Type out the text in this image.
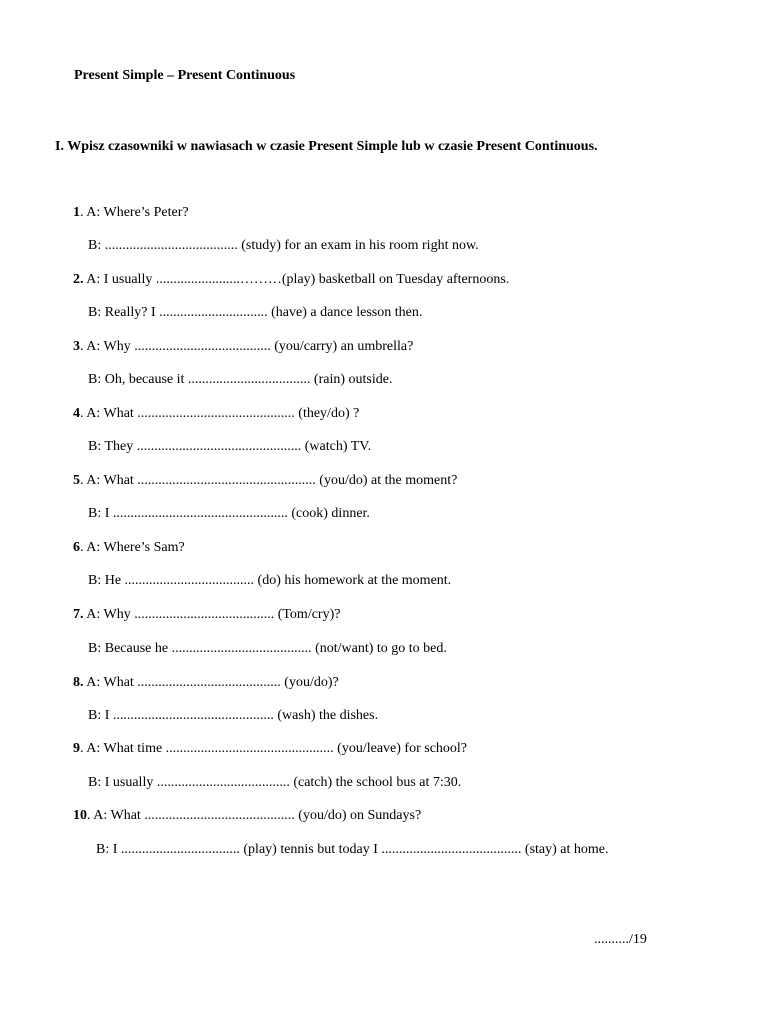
Present Simple – Present Continuous
I. Wpisz czasowniki w nawiasach w czasie Present Simple lub w czasie Present Continuous.
1. A: Where’s Peter?
B: ...................................... (study) for an exam in his room right now.
2. A: I usually ........................………(play) basketball on Tuesday afternoons.
B: Really? I ............................... (have) a dance lesson then.
3. A: Why ....................................... (you/carry) an umbrella?
B: Oh, because it ................................... (rain) outside.
4. A: What ............................................. (they/do) ?
B: They ............................................... (watch) TV.
5. A: What ................................................... (you/do) at the moment?
B: I .................................................. (cook) dinner.
6. A: Where’s Sam?
B: He ..................................... (do) his homework at the moment.
7. A: Why ........................................ (Tom/cry)?
B: Because he ........................................ (not/want) to go to bed.
8. A: What ......................................... (you/do)?
B: I .............................................. (wash) the dishes.
9. A: What time ................................................ (you/leave) for school?
B: I usually ...................................... (catch) the school bus at 7:30.
10. A: What ........................................... (you/do) on Sundays?
B: I .................................. (play) tennis but today I ........................................ (stay) at home.
........../19
